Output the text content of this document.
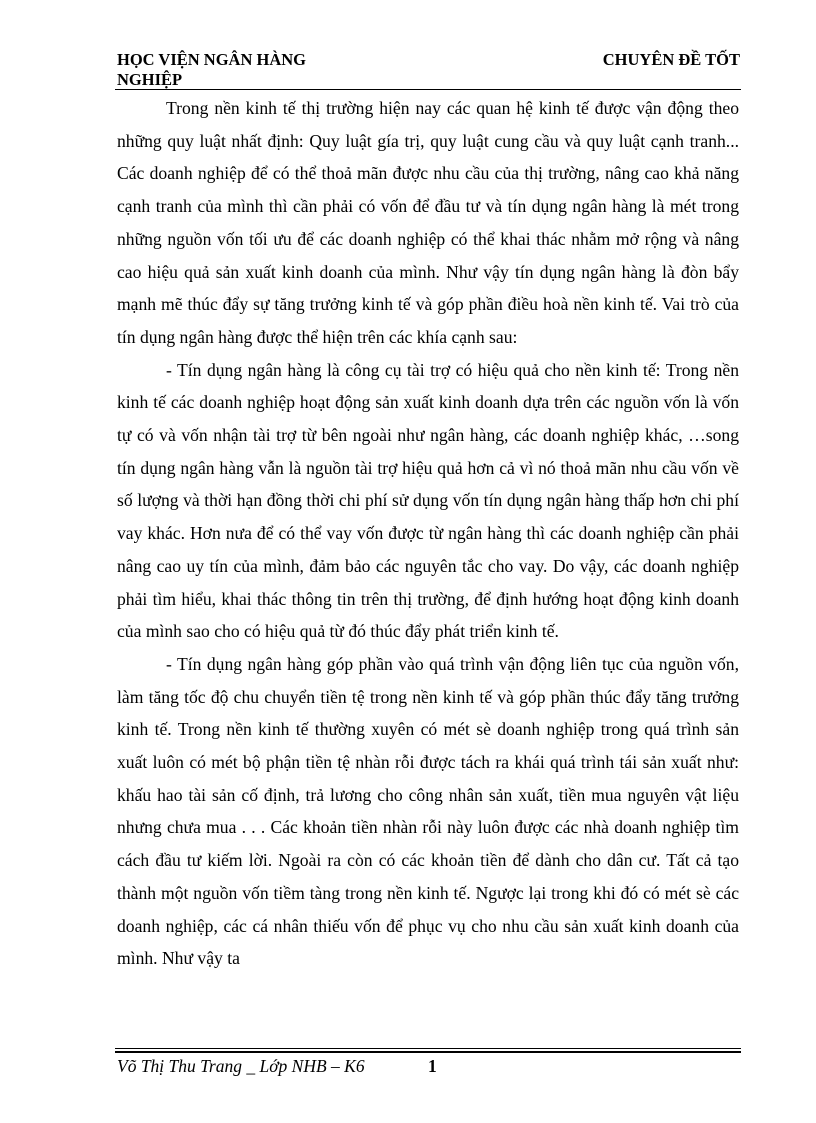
HỌC VIỆN NGÂN HÀNG	CHUYÊN ĐỀ TỐT
NGHIỆP

Trong nền kinh tế thị trường hiện nay các quan hệ kinh tế được vận động theo những quy luật nhất định: Quy luật gía trị, quy luật cung cầu và quy luật cạnh tranh... Các doanh nghiệp để có thể thoả mãn được nhu cầu của thị trường, nâng cao khả năng cạnh tranh của mình thì cần phải có vốn để đầu tư và tín dụng ngân hàng là mét trong những nguồn vốn tối ưu để các doanh nghiệp có thể khai thác nhằm mở rộng và nâng cao hiệu quả sản xuất kinh doanh của mình. Như vậy tín dụng ngân hàng là đòn bẩy mạnh mẽ thúc đẩy sự tăng trưởng kinh tế và góp phần điều hoà nền kinh tế. Vai trò của tín dụng ngân hàng được thể hiện trên các khía cạnh sau:

- Tín dụng ngân hàng là công cụ tài trợ có hiệu quả cho nền kinh tế: Trong nền kinh tế các doanh nghiệp hoạt động sản xuất kinh doanh dựa trên các nguồn vốn là vốn tự có và vốn nhận tài trợ từ bên ngoài như ngân hàng, các doanh nghiệp khác, …song tín dụng ngân hàng vẫn là nguồn tài trợ hiệu quả hơn cả vì nó thoả mãn nhu cầu vốn về số lượng và thời hạn đồng thời chi phí sử dụng vốn tín dụng ngân hàng thấp hơn chi phí vay khác. Hơn nưa để có thể vay vốn được từ ngân hàng thì các doanh nghiệp cần phải nâng cao uy tín của mình, đảm bảo các nguyên tắc cho vay. Do vậy, các doanh nghiệp phải tìm hiểu, khai thác thông tin trên thị trường, để định hướng hoạt động kinh doanh của mình sao cho có hiệu quả từ đó thúc đẩy phát triển kinh tế.

- Tín dụng ngân hàng góp phần vào quá trình vận động liên tục của nguồn vốn, làm tăng tốc độ chu chuyển tiền tệ trong nền kinh tế và góp phần thúc đẩy tăng trưởng kinh tế. Trong nền kinh tế thường xuyên có mét sè doanh nghiệp trong quá trình sản xuất luôn có mét bộ phận tiền tệ nhàn rỗi được tách ra khái quá trình tái sản xuất như: khấu hao tài sản cố định, trả lương cho công nhân sản xuất, tiền mua nguyên vật liệu nhưng chưa mua . . . Các khoản tiền nhàn rỗi này luôn được các nhà doanh nghiệp tìm cách đầu tư kiếm lời. Ngoài ra còn có các khoản tiền để dành cho dân cư. Tất cả tạo thành một nguồn vốn tiềm tàng trong nền kinh tế. Ngược lại trong khi đó có mét sè các doanh nghiệp, các cá nhân thiếu vốn để phục vụ cho nhu cầu sản xuất kinh doanh của mình. Như vậy ta

Võ Thị Thu Trang _ Lớp NHB – K6	1
